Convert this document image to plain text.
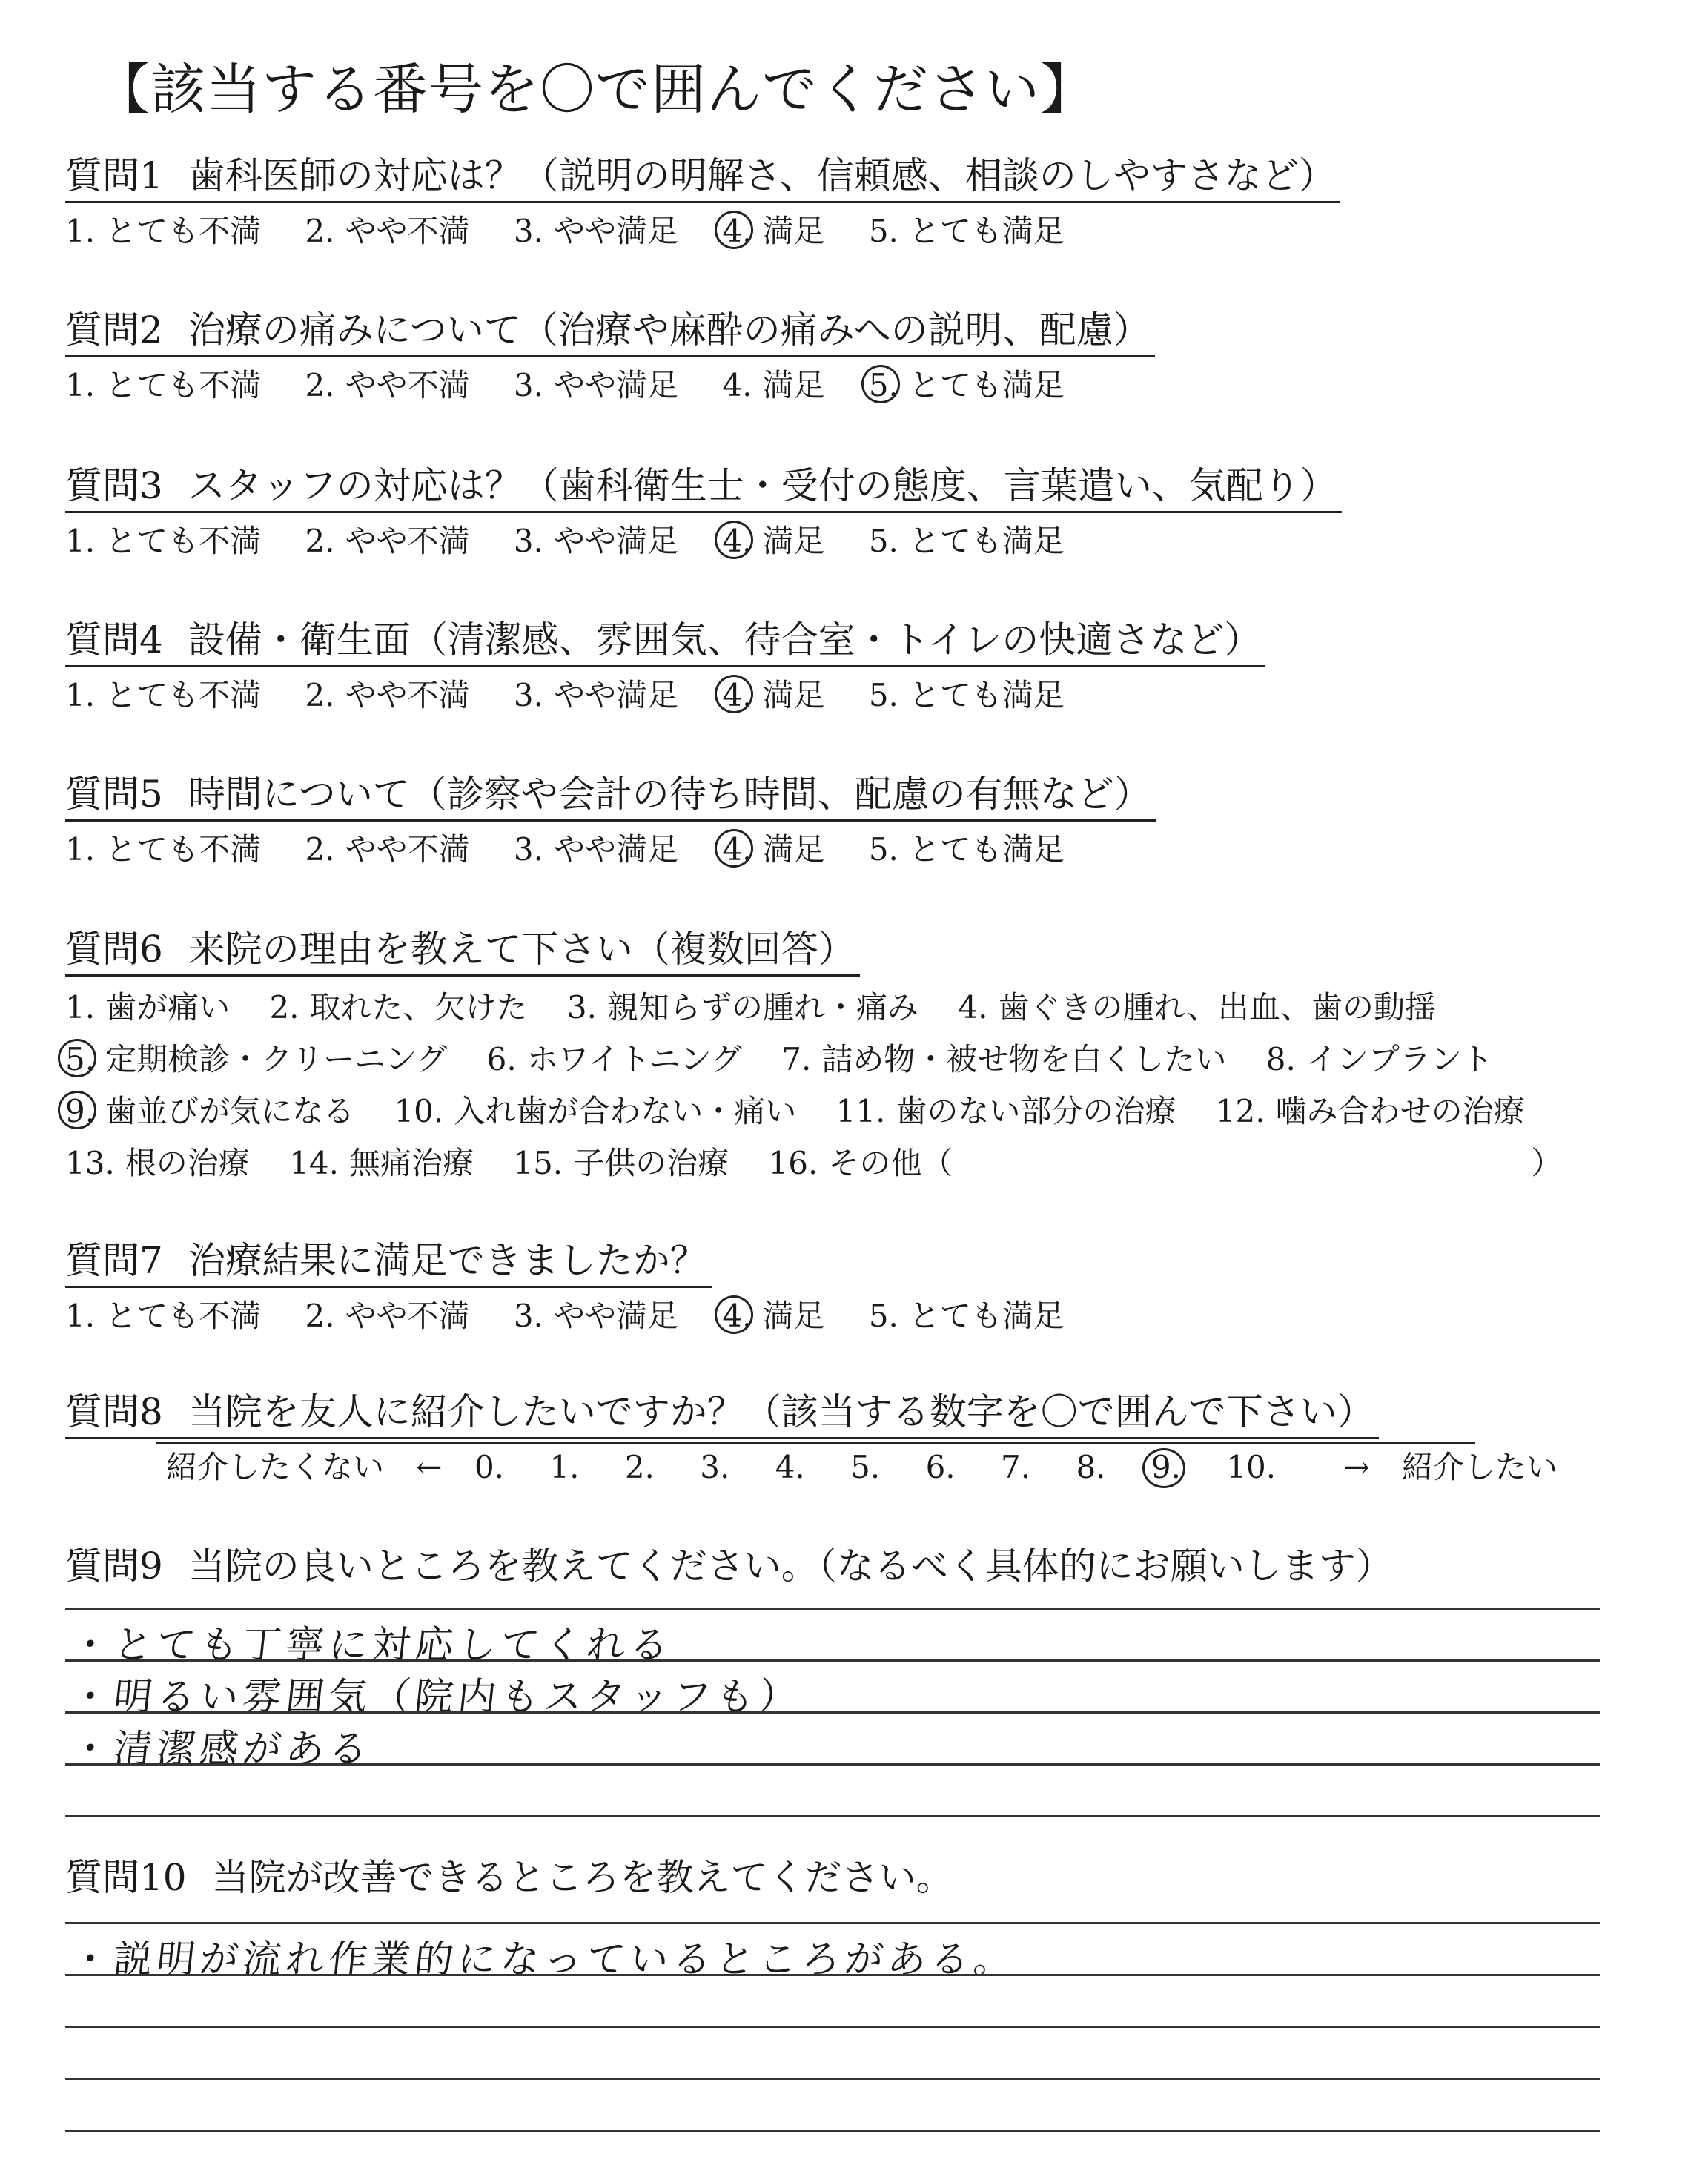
【該当する番号を〇で囲んでください】
質問1 歯科医師の対応は？（説明の明解さ、信頼感、相談のしやすさなど）
1. とても不満 2. やや不満 3. やや満足 4. 満足 5. とても満足
質問2 治療の痛みについて（治療や麻酔の痛みへの説明、配慮）
1. とても不満 2. やや不満 3. やや満足 4. 満足 5. とても満足
質問3 スタッフの対応は？（歯科衛生士・受付の態度、言葉遣い、気配り）
1. とても不満 2. やや不満 3. やや満足 4. 満足 5. とても満足
質問4 設備・衛生面（清潔感、雰囲気、待合室・トイレの快適さなど）
1. とても不満 2. やや不満 3. やや満足 4. 満足 5. とても満足
質問5 時間について（診察や会計の待ち時間、配慮の有無など）
1. とても不満 2. やや不満 3. やや満足 4. 満足 5. とても満足
質問6 来院の理由を教えて下さい（複数回答）
1. 歯が痛い 2. 取れた、欠けた 3. 親知らずの腫れ・痛み 4. 歯ぐきの腫れ、出血、歯の動揺
5. 定期検診・クリーニング 6. ホワイトニング 7. 詰め物・被せ物を白くしたい 8. インプラント
9. 歯並びが気になる 10. 入れ歯が合わない・痛い 11. 歯のない部分の治療 12. 噛み合わせの治療
13. 根の治療 14. 無痛治療 15. 子供の治療 16. その他（	）
質問7 治療結果に満足できましたか？
1. とても不満 2. やや不満 3. やや満足 4. 満足 5. とても満足
質問8 当院を友人に紹介したいですか？（該当する数字を〇で囲んで下さい）
紹介したくない ← 0. 1. 2. 3. 4. 5. 6. 7. 8. 9. 10. → 紹介したい
質問9 当院の良いところを教えてください。（なるべく具体的にお願いします）
・とても丁寧に対応してくれる
・明るい雰囲気（院内もスタッフも）
・清潔感がある
質問10 当院が改善できるところを教えてください。
・説明が流れ作業的になっているところがある。
